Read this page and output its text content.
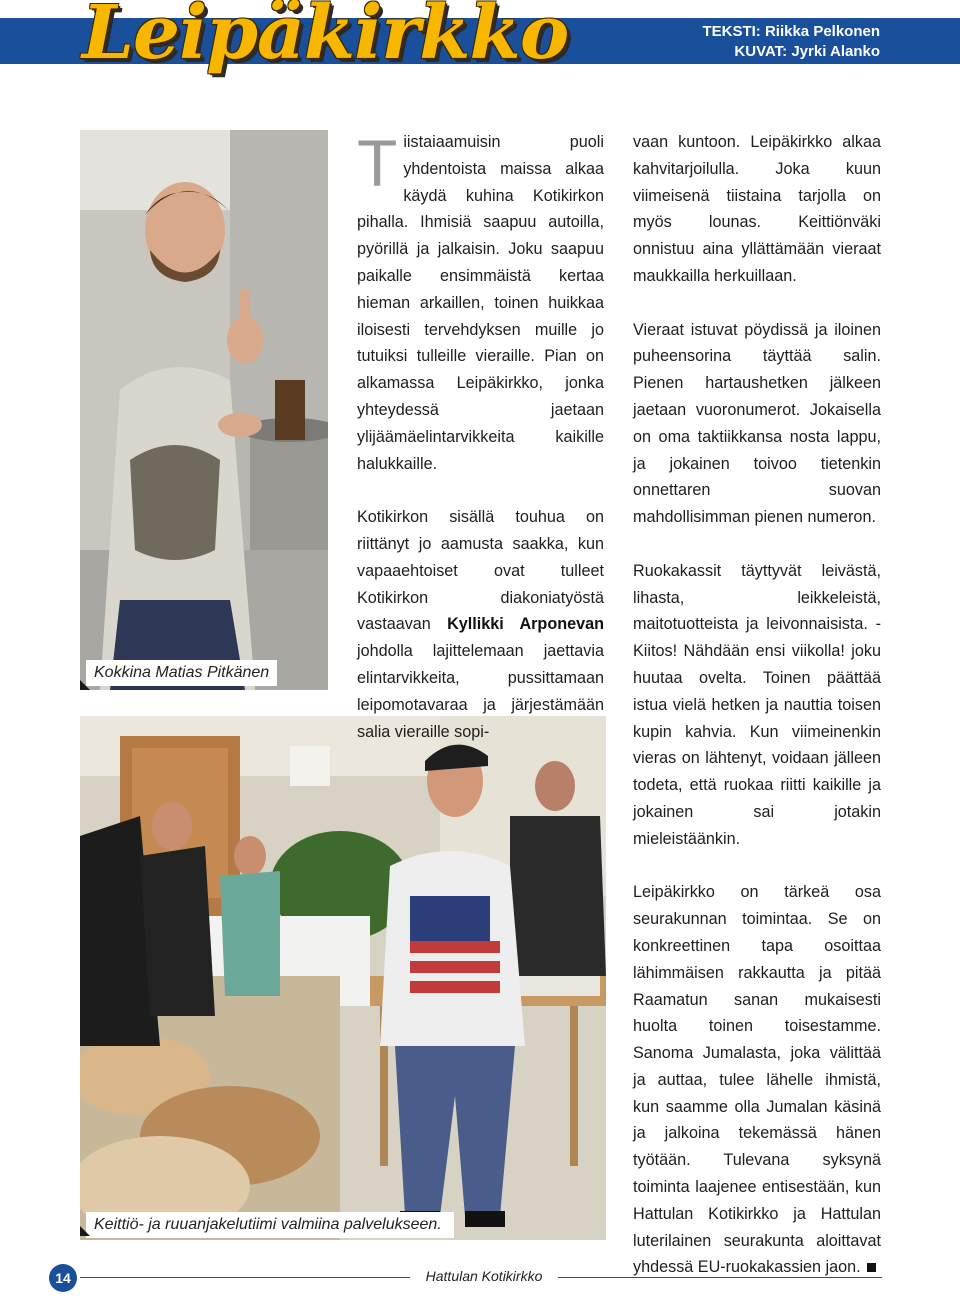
Leipäkirkko	TEKSTI: Riikka Pelkonen
KUVAT: Jyrki Alanko
Kokkina Matias Pitkänen
Keittiö- ja ruuanjakelutiimi valmiina palvelukseen.

Tiistaiaamuisin puoli yhdentoista maissa alkaa käydä kuhina Kotikirkon pihalla. Ihmisiä saapuu autoilla, pyörillä ja jalkaisin. Joku saapuu paikalle ensimmäistä kertaa hieman arkaillen, toinen huikkaa iloisesti tervehdyksen muille jo tutuiksi tulleille vieraille. Pian on alkamassa Leipäkirkko, jonka yhteydessä jaetaan ylijäämäelintarvikkeita kaikille halukkaille.

Kotikirkon sisällä touhua on riittänyt jo aamusta saakka, kun vapaaehtoiset ovat tulleet Kotikirkon diakoniatyöstä vastaavan Kyllikki Arponevan johdolla lajittelemaan jaettavia elintarvikkeita, pussittamaan leipomotavaraa ja järjestämään salia vieraille sopi-

vaan kuntoon. Leipäkirkko alkaa kahvitarjoilulla. Joka kuun viimeisenä tiistaina tarjolla on myös lounas. Keittiönväki onnistuu aina yllättämään vieraat maukkailla herkuillaan.

Vieraat istuvat pöydissä ja iloinen puheensorina täyttää salin. Pienen hartaushetken jälkeen jaetaan vuoronumerot. Jokaisella on oma taktiikkansa nosta lappu, ja jokainen toivoo tietenkin onnettaren suovan mahdollisimman pienen numeron.

Ruokakassit täyttyvät leivästä, lihasta, leikkeleistä, maitotuotteista ja leivonnaisista. -Kiitos! Nähdään ensi viikolla! joku huutaa ovelta. Toinen päättää istua vielä hetken ja nauttia toisen kupin kahvia. Kun viimeinenkin vieras on lähtenyt, voidaan jälleen todeta, että ruokaa riitti kaikille ja jokainen sai jotakin mieleistäänkin.

Leipäkirkko on tärkeä osa seurakunnan toimintaa. Se on konkreettinen tapa osoittaa lähimmäisen rakkautta ja pitää Raamatun sanan mukaisesti huolta toinen toisestamme. Sanoma Jumalasta, joka välittää ja auttaa, tulee lähelle ihmistä, kun saamme olla Jumalan käsinä ja jalkoina tekemässä hänen työtään. Tulevana syksynä toiminta laajenee entisestään, kun Hattulan Kotikirkko ja Hattulan luterilainen seurakunta aloittavat yhdessä EU-ruokakassien jaon.

14	Hattulan Kotikirkko
